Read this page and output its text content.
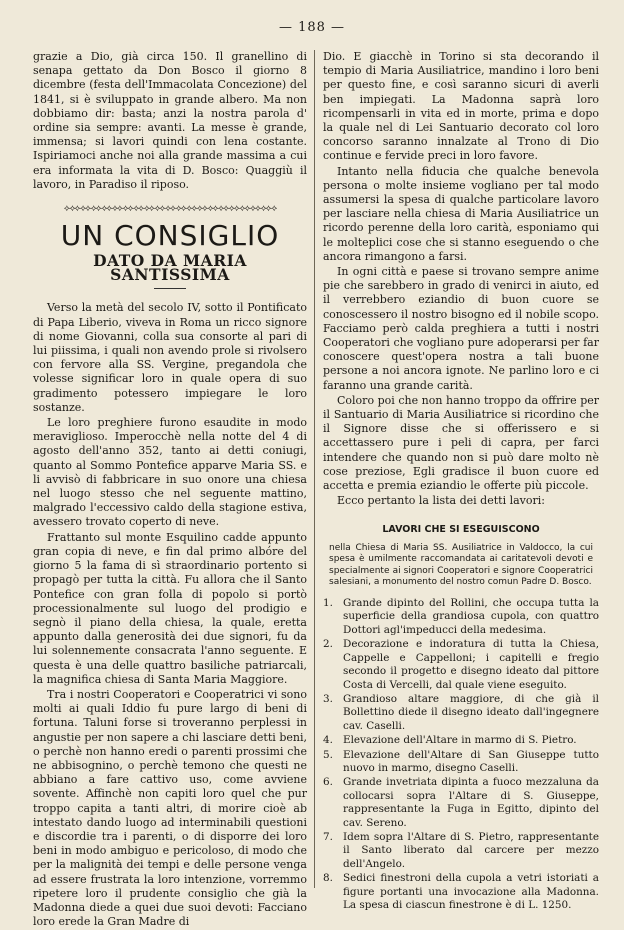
— 188 —

grazie a Dio, già circa 150. Il granellino di senapa gettato da Don Bosco il giorno 8 dicembre (festa dell'Immacolata Concezione) del 1841, si è sviluppato in grande albero. Ma non dobbiamo dir: basta; anzi la nostra parola d' ordine sia sempre: avanti. La messe è grande, immensa; si lavori quindi con lena costante. Ispiriamoci anche noi alla grande massima a cui era informata la vita di D. Bosco: Quaggiù il lavoro, in Paradiso il riposo.

⟡⟢⟡⟢⟡⟢⟡⟢⟡⟢⟡⟢⟡⟢⟡⟢⟡⟢⟡⟢⟡⟢⟡⟢⟡⟢⟡⟢⟡⟢⟡⟢⟡⟢⟡⟢⟡⟢⟡⟢
UN CONSIGLIO
DATO DA MARIA SANTISSIMA

Verso la metà del secolo IV, sotto il Pontificato di Papa Liberio, viveva in Roma un ricco signore di nome Giovanni, colla sua consorte al pari di lui piissima, i quali non avendo prole si rivolsero con fervore alla SS. Vergine, pregandola che volesse significar loro in quale opera di suo gradimento potessero impiegare le loro sostanze.

Le loro preghiere furono esaudite in modo meraviglioso. Imperocchè nella notte del 4 di agosto dell'anno 352, tanto ai detti coniugi, quanto al Sommo Pontefice apparve Maria SS. e li avvisò di fabbricare in suo onore una chiesa nel luogo stesso che nel seguente mattino, malgrado l'eccessivo caldo della stagione estiva, avessero trovato coperto di neve.

Frattanto sul monte Esquilino cadde appunto gran copia di neve, e fin dal primo albóre del giorno 5 la fama di sì straordinario portento si propagò per tutta la città. Fu allora che il Santo Pontefice con gran folla di popolo si portò processionalmente sul luogo del prodigio e segnò il piano della chiesa, la quale, eretta appunto dalla generosità dei due signori, fu da lui solennemente consacrata l'anno seguente. E questa è una delle quattro basiliche patriarcali, la magnifica chiesa di Santa Maria Maggiore.

Tra i nostri Cooperatori e Cooperatrici vi sono molti ai quali Iddio fu pure largo di beni di fortuna. Taluni forse si troveranno perplessi in angustie per non sapere a chi lasciare detti beni, o perchè non hanno eredi o parenti prossimi che ne abbisognino, o perchè temono che questi ne abbiano a fare cattivo uso, come avviene sovente. Affinchè non capiti loro quel che pur troppo capita a tanti altri, di morire cioè ab intestato dando luogo ad interminabili questioni e discordie tra i parenti, o di disporre dei loro beni in modo ambiguo e pericoloso, di modo che per la malignità dei tempi e delle persone venga ad essere frustrata la loro intenzione, vorremmo ripetere loro il prudente consiglio che già la Madonna diede a quei due suoi devoti: Facciano loro erede la Gran Madre di

Dio. E giacchè in Torino si sta decorando il tempio di Maria Ausiliatrice, mandino i loro beni per questo fine, e così saranno sicuri di averli ben impiegati. La Madonna saprà loro ricompensarli in vita ed in morte, prima e dopo la quale nel di Lei Santuario decorato col loro concorso saranno innalzate al Trono di Dio continue e fervide preci in loro favore.

Intanto nella fiducia che qualche benevola persona o molte insieme vogliano per tal modo assumersi la spesa di qualche particolare lavoro per lasciare nella chiesa di Maria Ausiliatrice un ricordo perenne della loro carità, esponiamo qui le molteplici cose che si stanno eseguendo o che ancora rimangono a farsi.

In ogni città e paese si trovano sempre anime pie che sarebbero in grado di venirci in aiuto, ed il verrebbero eziandio di buon cuore se conoscessero il nostro bisogno ed il nobile scopo. Facciamo però calda preghiera a tutti i nostri Cooperatori che vogliano pure adoperarsi per far conoscere quest'opera nostra a tali buone persone a noi ancora ignote. Ne parlino loro e ci faranno una grande carità.

Coloro poi che non hanno troppo da offrire per il Santuario di Maria Ausiliatrice si ricordino che il Signore disse che si offerissero e si accettassero pure i peli di capra, per farci intendere che quando non si può dare molto nè cose preziose, Egli gradisce il buon cuore ed accetta e premia eziandio le offerte più piccole.

Ecco pertanto la lista dei detti lavori:

LAVORI CHE SI ESEGUISCONO
nella Chiesa di Maria SS. Ausiliatrice in Valdocco, la cui spesa è umilmente raccomandata ai caritatevoli devoti e specialmente ai signori Cooperatori e signore Cooperatrici salesiani, a monumento del nostro comun Padre D. Bosco.
1. Grande dipinto del Rollini, che occupa tutta la superficie della grandiosa cupola, con quattro Dottori agl'impeducci della medesima.
2. Decorazione e indoratura di tutta la Chiesa, Cappelle e Cappelloni; i capitelli e fregio secondo il progetto e disegno ideato dal pittore Costa di Vercelli, dal quale viene eseguito.
3. Grandioso altare maggiore, di che già il Bollettino diede il disegno ideato dall'ingegnere cav. Caselli.
4. Elevazione dell'Altare in marmo di S. Pietro.
5. Elevazione dell'Altare di San Giuseppe tutto nuovo in marmo, disegno Caselli.
6. Grande invetriata dipinta a fuoco mezzaluna da collocarsi sopra l'Altare di S. Giuseppe, rappresentante la Fuga in Egitto, dipinto del cav. Sereno.
7. Idem sopra l'Altare di S. Pietro, rappresentante il Santo liberato dal carcere per mezzo dell'Angelo.
8. Sedici finestroni della cupola a vetri istoriati a figure portanti una invocazione alla Madonna. La spesa di ciascun finestrone è di L. 1250.
